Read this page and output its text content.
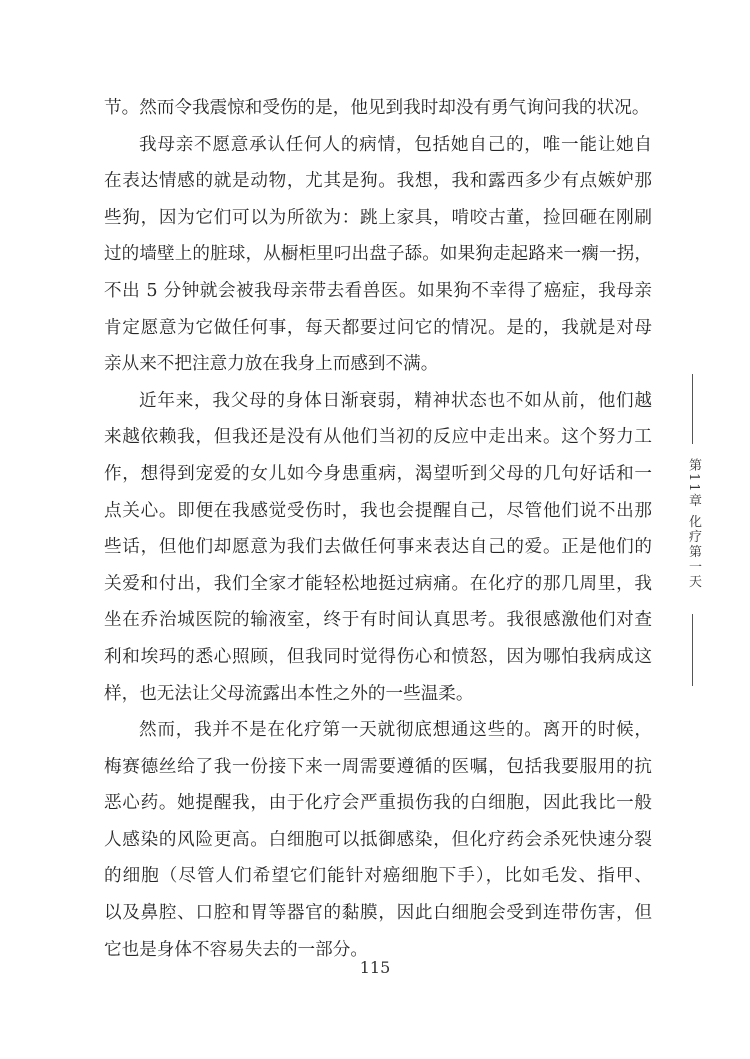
节。然而令我震惊和受伤的是，他见到我时却没有勇气询问我的状况。
我母亲不愿意承认任何人的病情，包括她自己的，唯一能让她自
在表达情感的就是动物，尤其是狗。我想，我和露西多少有点嫉妒那
些狗，因为它们可以为所欲为：跳上家具，啃咬古董，捡回砸在刚刷
过的墙壁上的脏球，从橱柜里叼出盘子舔。如果狗走起路来一瘸一拐，
不出 5 分钟就会被我母亲带去看兽医。如果狗不幸得了癌症，我母亲
肯定愿意为它做任何事，每天都要过问它的情况。是的，我就是对母
亲从来不把注意力放在我身上而感到不满。
近年来，我父母的身体日渐衰弱，精神状态也不如从前，他们越
来越依赖我，但我还是没有从他们当初的反应中走出来。这个努力工
作，想得到宠爱的女儿如今身患重病，渴望听到父母的几句好话和一
点关心。即便在我感觉受伤时，我也会提醒自己，尽管他们说不出那
些话，但他们却愿意为我们去做任何事来表达自己的爱。正是他们的
关爱和付出，我们全家才能轻松地挺过病痛。在化疗的那几周里，我
坐在乔治城医院的输液室，终于有时间认真思考。我很感激他们对查
利和埃玛的悉心照顾，但我同时觉得伤心和愤怒，因为哪怕我病成这
样，也无法让父母流露出本性之外的一些温柔。
然而，我并不是在化疗第一天就彻底想通这些的。离开的时候，
梅赛德丝给了我一份接下来一周需要遵循的医嘱，包括我要服用的抗
恶心药。她提醒我，由于化疗会严重损伤我的白细胞，因此我比一般
人感染的风险更高。白细胞可以抵御感染，但化疗药会杀死快速分裂
的细胞（尽管人们希望它们能针对癌细胞下手），比如毛发、指甲、
以及鼻腔、口腔和胃等器官的黏膜，因此白细胞会受到连带伤害，但
它也是身体不容易失去的一部分。
第11章 化疗第一天
115
